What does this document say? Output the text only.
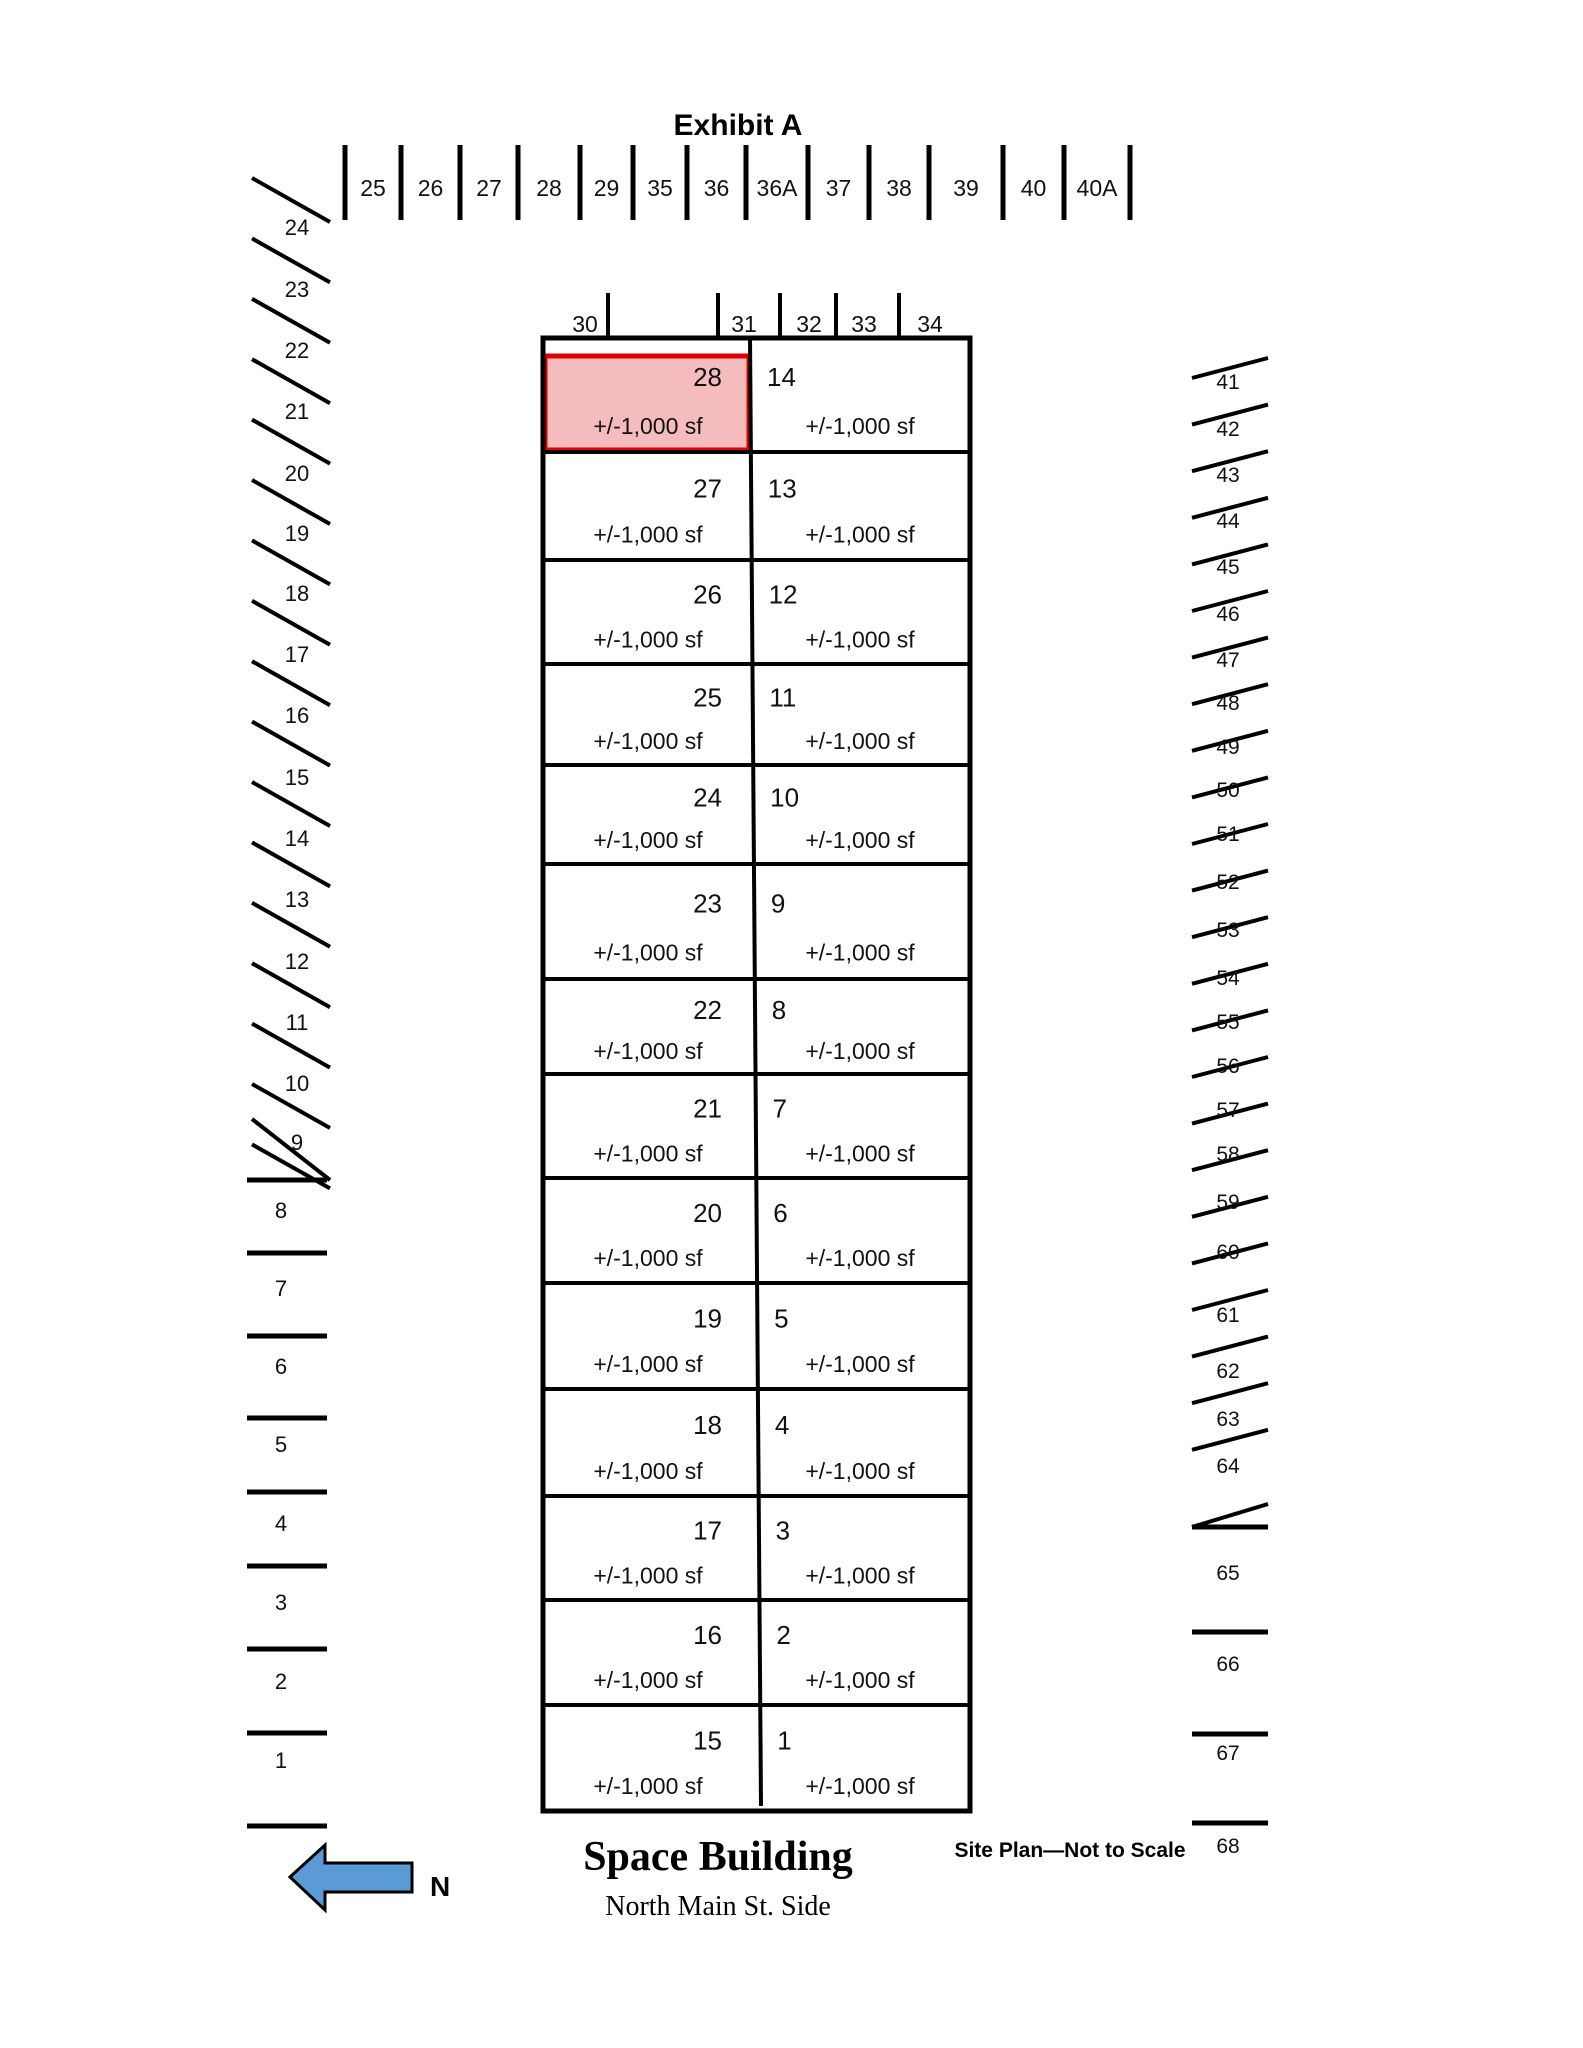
Exhibit A
25 26 27 28 29 35 36 36A 37 38 39 40 40A
30	31 32 33 34
24
23
22
21
20
19
18
17
16
15
14
13
12
11
10
9
8
7
6
5
4
3
2
1
41
42
43
44
45
46
47
48
49
50
51
52
53
54
55
56
57
58
59
60
61
62
63
64
65
66
67
68
28
+/-1,000 sf
14
+/-1,000 sf
27
+/-1,000 sf
13
+/-1,000 sf
26
+/-1,000 sf
12
+/-1,000 sf
25
+/-1,000 sf
11
+/-1,000 sf
24
+/-1,000 sf
10
+/-1,000 sf
23
+/-1,000 sf
9
+/-1,000 sf
22
+/-1,000 sf
8
+/-1,000 sf
21
+/-1,000 sf
7
+/-1,000 sf
20
+/-1,000 sf
6
+/-1,000 sf
19
+/-1,000 sf
5
+/-1,000 sf
18
+/-1,000 sf
4
+/-1,000 sf
17
+/-1,000 sf
3
+/-1,000 sf
16
+/-1,000 sf
2
+/-1,000 sf
15
+/-1,000 sf
1
+/-1,000 sf
Space Building
North Main St. Side
Site Plan—Not to Scale
N
